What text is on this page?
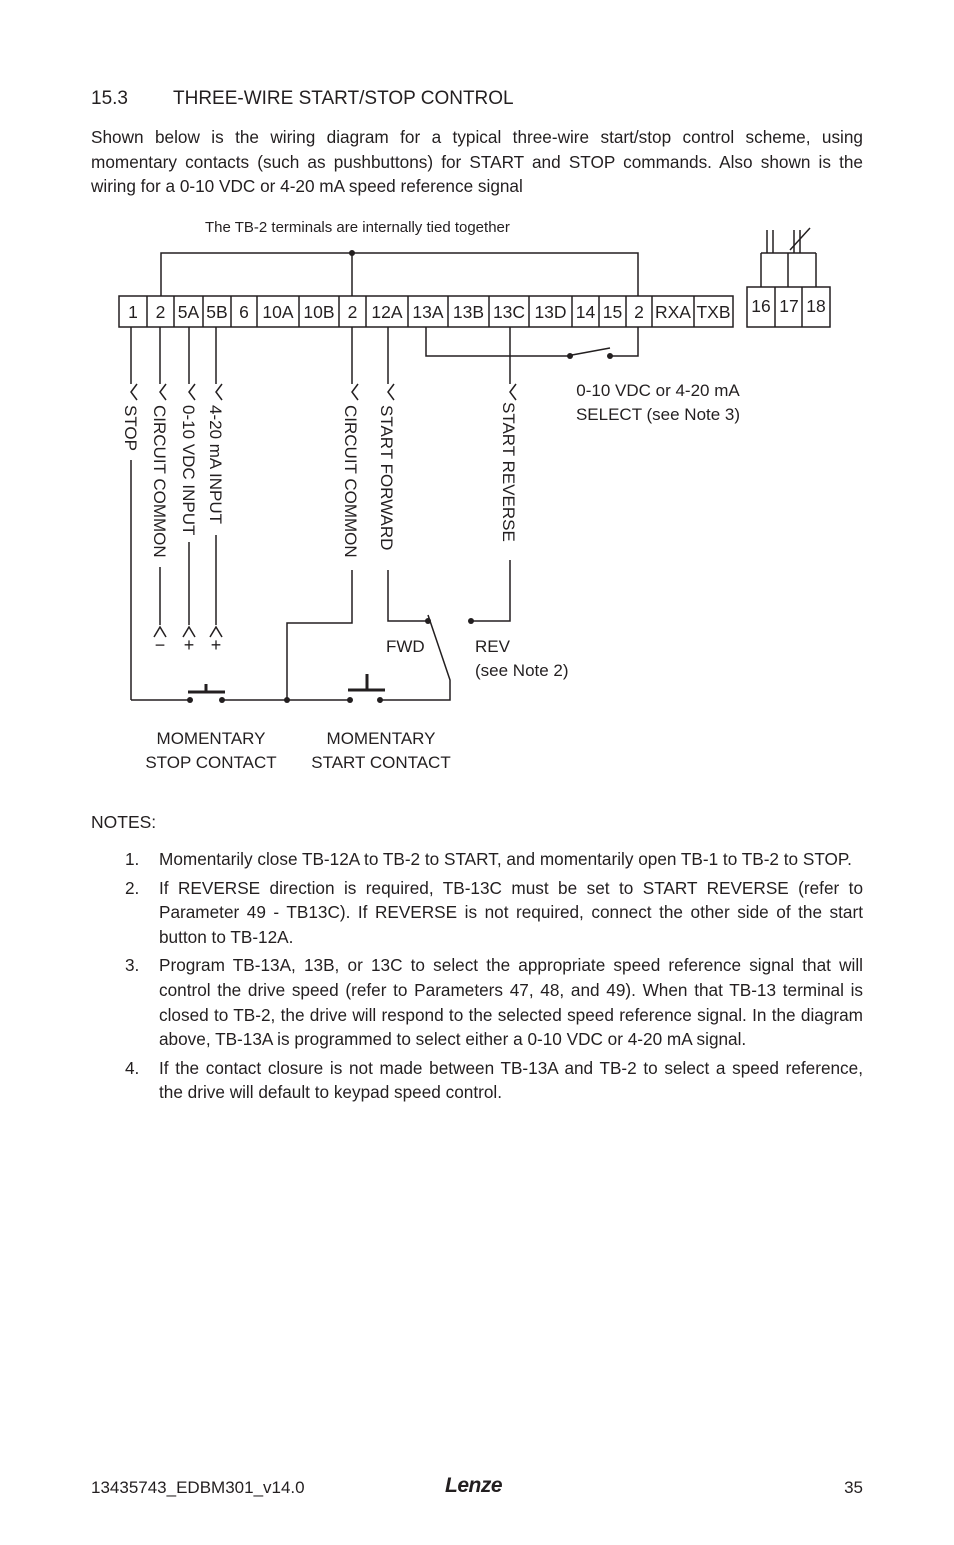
15.3 THREE-WIRE START/STOP CONTROL

Shown below is the wiring diagram for a typical three-wire start/stop control scheme, using momentary contacts (such as pushbuttons) for START and STOP commands. Also shown is the wiring for a 0-10 VDC or 4-20 mA speed reference signal

The TB-2 terminals are internally tied together
1 2 5A 5B 6 10A 10B 2 12A 13A 13B 13C 13D 14 15 2 RXA TXB 16 17 18
STOP CIRCUIT COMMON 0-10 VDC INPUT 4-20 mA INPUT	CIRCUIT COMMON START FORWARD	START REVERSE
0-10 VDC or 4-20 mA
SELECT (see Note 3)
− + +	FWD	REV
(see Note 2)
MOMENTARY
STOP CONTACT
MOMENTARY
START CONTACT
NOTES:
1. Momentarily close TB-12A to TB-2 to START, and momentarily open TB-1 to TB-2 to STOP.
2. If REVERSE direction is required, TB-13C must be set to START REVERSE (refer to Parameter 49 - TB13C). If REVERSE is not required, connect the other side of the start button to TB-12A.
3. Program TB-13A, 13B, or 13C to select the appropriate speed reference signal that will control the drive speed (refer to Parameters 47, 48, and 49). When that TB-13 terminal is closed to TB-2, the drive will respond to the selected speed reference signal. In the diagram above, TB-13A is programmed to select either a 0-10 VDC or 4-20 mA signal.
4. If the contact closure is not made between TB-13A and TB-2 to select a speed reference, the drive will default to keypad speed control.
13435743_EDBM301_v14.0	Lenze	35
